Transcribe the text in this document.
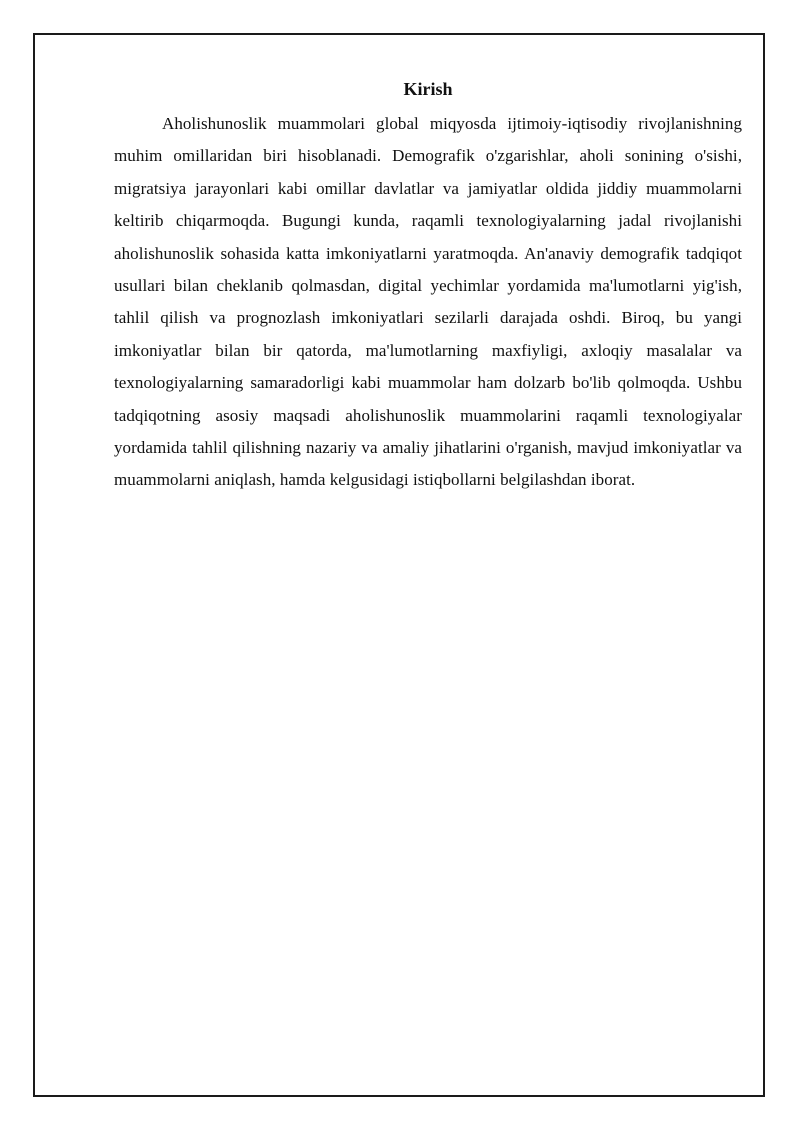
Kirish

Aholishunoslik muammolari global miqyosda ijtimoiy-iqtisodiy rivojlanishning muhim omillaridan biri hisoblanadi. Demografik o'zgarishlar, aholi sonining o'sishi, migratsiya jarayonlari kabi omillar davlatlar va jamiyatlar oldida jiddiy muammolarni keltirib chiqarmoqda. Bugungi kunda, raqamli texnologiyalarning jadal rivojlanishi aholishunoslik sohasida katta imkoniyatlarni yaratmoqda. An'anaviy demografik tadqiqot usullari bilan cheklanib qolmasdan, digital yechimlar yordamida ma'lumotlarni yig'ish, tahlil qilish va prognozlash imkoniyatlari sezilarli darajada oshdi. Biroq, bu yangi imkoniyatlar bilan bir qatorda, ma'lumotlarning maxfiyligi, axloqiy masalalar va texnologiyalarning samaradorligi kabi muammolar ham dolzarb bo'lib qolmoqda. Ushbu tadqiqotning asosiy maqsadi aholishunoslik muammolarini raqamli texnologiyalar yordamida tahlil qilishning nazariy va amaliy jihatlarini o'rganish, mavjud imkoniyatlar va muammolarni aniqlash, hamda kelgusidagi istiqbollarni belgilashdan iborat.
